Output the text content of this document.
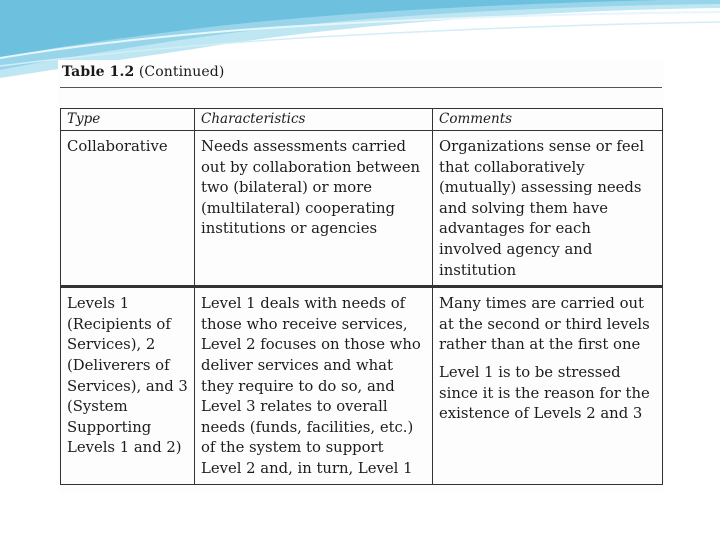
Table 1.2 (Continued)
Type	Characteristics	Comments
Collaborative	Needs assessments carried out by collaboration between two (bilateral) or more (multilateral) cooperating institutions or agencies	Organizations sense or feel that collaboratively (mutually) assessing needs and solving them have advantages for each involved agency and institution

Levels 1 (Recipients of Services), 2 (Deliverers of Services), and 3 (System Supporting Levels 1 and 2)	Level 1 deals with needs of those who receive services, Level 2 focuses on those who deliver services and what they require to do so, and Level 3 relates to overall needs (funds, facilities, etc.) of the system to support Level 2 and, in turn, Level 1	Many times are carried out at the second or third levels rather than at the first one
Level 1 is to be stressed since it is the reason for the existence of Levels 2 and 3
